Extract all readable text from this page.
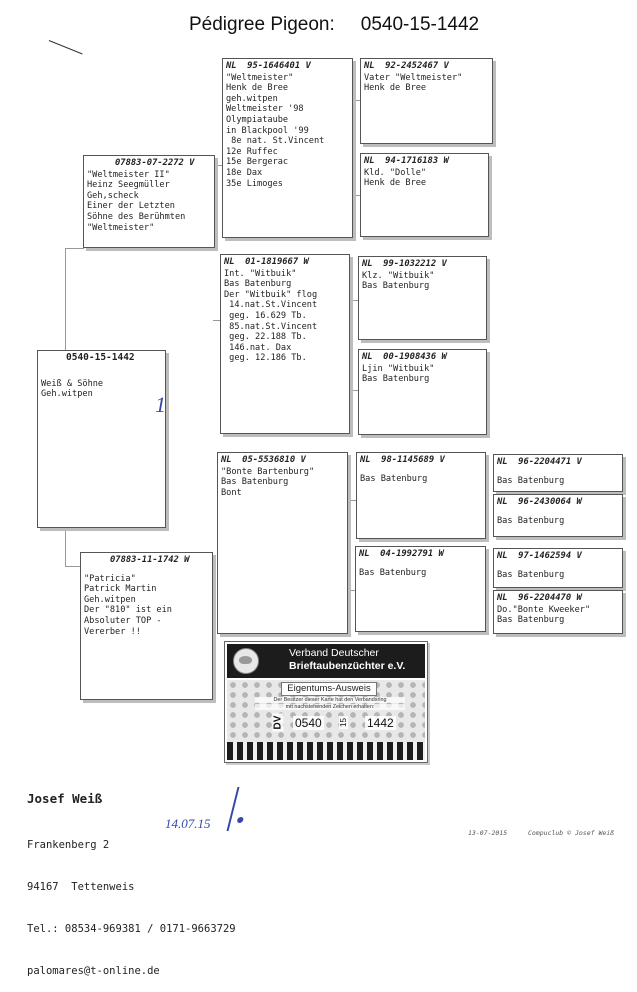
Pédigree Pigeon: 0540-15-1442
0540-15-1442
Weiß & Söhne
Geh.witpen	1
07883-07-2272 V
"Weltmeister II"
Heinz Seegmüller
Geh,scheck
Einer der Letzten
Söhne des Berühmten
"Weltmeister"
07883-11-1742 W
"Patricia"
Patrick Martin
Geh.witpen
Der "810" ist ein
Absoluter TOP -
Vererber !!
NL  95-1646401 V
"Weltmeister"
Henk de Bree
geh.witpen
Weltmeister '98
Olympiataube
in Blackpool '99
8e nat. St.Vincent
12e Ruffec
15e Bergerac
18e Dax
35e Limoges
NL  01-1819667 W
Int. "Witbuik"
Bas Batenburg
Der "Witbuik" flog
14.nat.St.Vincent
geg. 16.629 Tb.
85.nat.St.Vincent
geg. 22.188 Tb.
146.nat. Dax
geg. 12.186 Tb.
NL  05-5536810 V
"Bonte Bartenburg"
Bas Batenburg
Bont
NL  92-2452467 V
Vater "Weltmeister"
Henk de Bree
NL  94-1716183 W
Kld. "Dolle"
Henk de Bree
NL  99-1032212 V
Klz. "Witbuik"
Bas Batenburg
NL  00-1908436 W
Ljin "Witbuik"
Bas Batenburg
NL  98-1145689 V
Bas Batenburg
NL  04-1992791 W
Bas Batenburg
NL  96-2204471 V
Bas Batenburg
NL  96-2430064 W
Bas Batenburg
NL  97-1462594 V
Bas Batenburg
NL  96-2204470 W
Do."Bonte Kweeker"
Bas Batenburg
Verband Deutscher
Brieftaubenzüchter e.V.
Eigentums-Ausweis
Der Besitzer dieser Karte hat den Verbandsring
mit nachstehenden Zeichen erhalten:
DV 0540 15 1442

Josef Weiß

Frankenberg 2

94167  Tettenweis

Tel.: 08534-969381 / 0171-9663729

palomares@t-online.de

14.07.15
13-07-2015	Compuclub © Josef Weiß
